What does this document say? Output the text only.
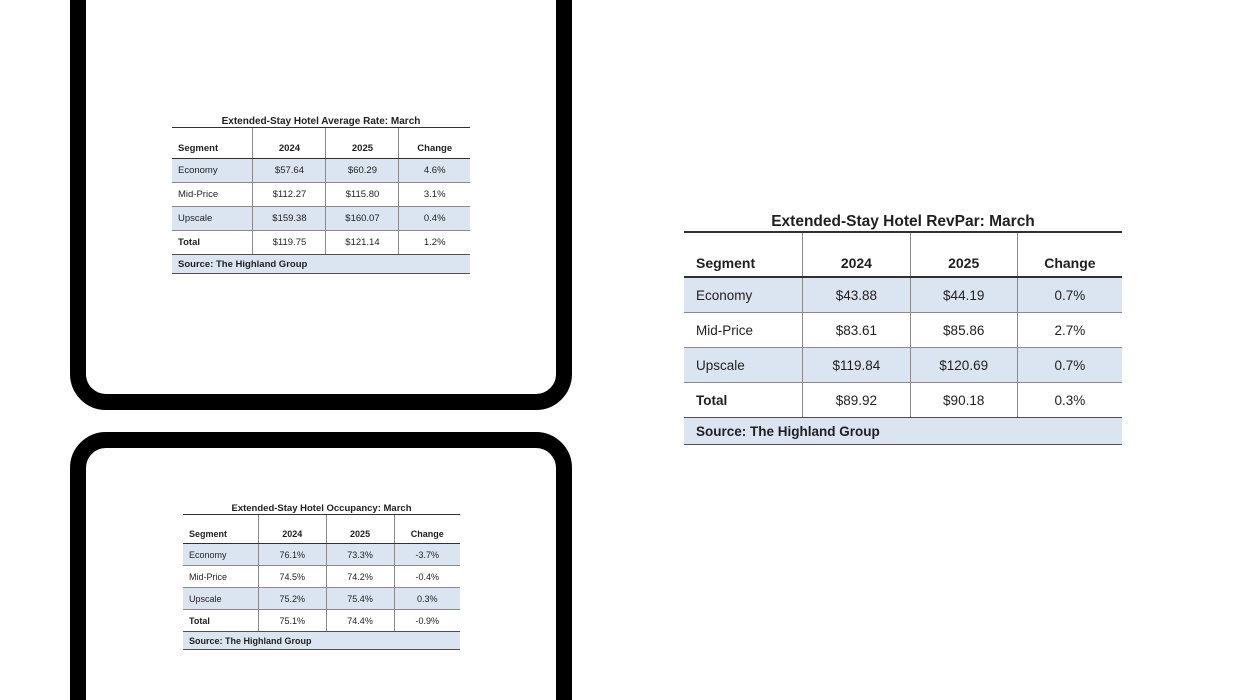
Extended-Stay Hotel Average Rate: March
Segment	2024	2025	Change
Economy	$57.64	$60.29	4.6%
Mid-Price	$112.27	$115.80	3.1%
Upscale	$159.38	$160.07	0.4%
Total	$119.75	$121.14	1.2%
Source: The Highland Group
Extended-Stay Hotel RevPar: March
Segment	2024	2025	Change
Economy	$43.88	$44.19	0.7%
Mid-Price	$83.61	$85.86	2.7%
Upscale	$119.84	$120.69	0.7%
Total	$89.92	$90.18	0.3%
Source: The Highland Group
Extended-Stay Hotel Occupancy: March
Segment	2024	2025	Change
Economy	76.1%	73.3%	-3.7%
Mid-Price	74.5%	74.2%	-0.4%
Upscale	75.2%	75.4%	0.3%
Total	75.1%	74.4%	-0.9%
Source: The Highland Group
